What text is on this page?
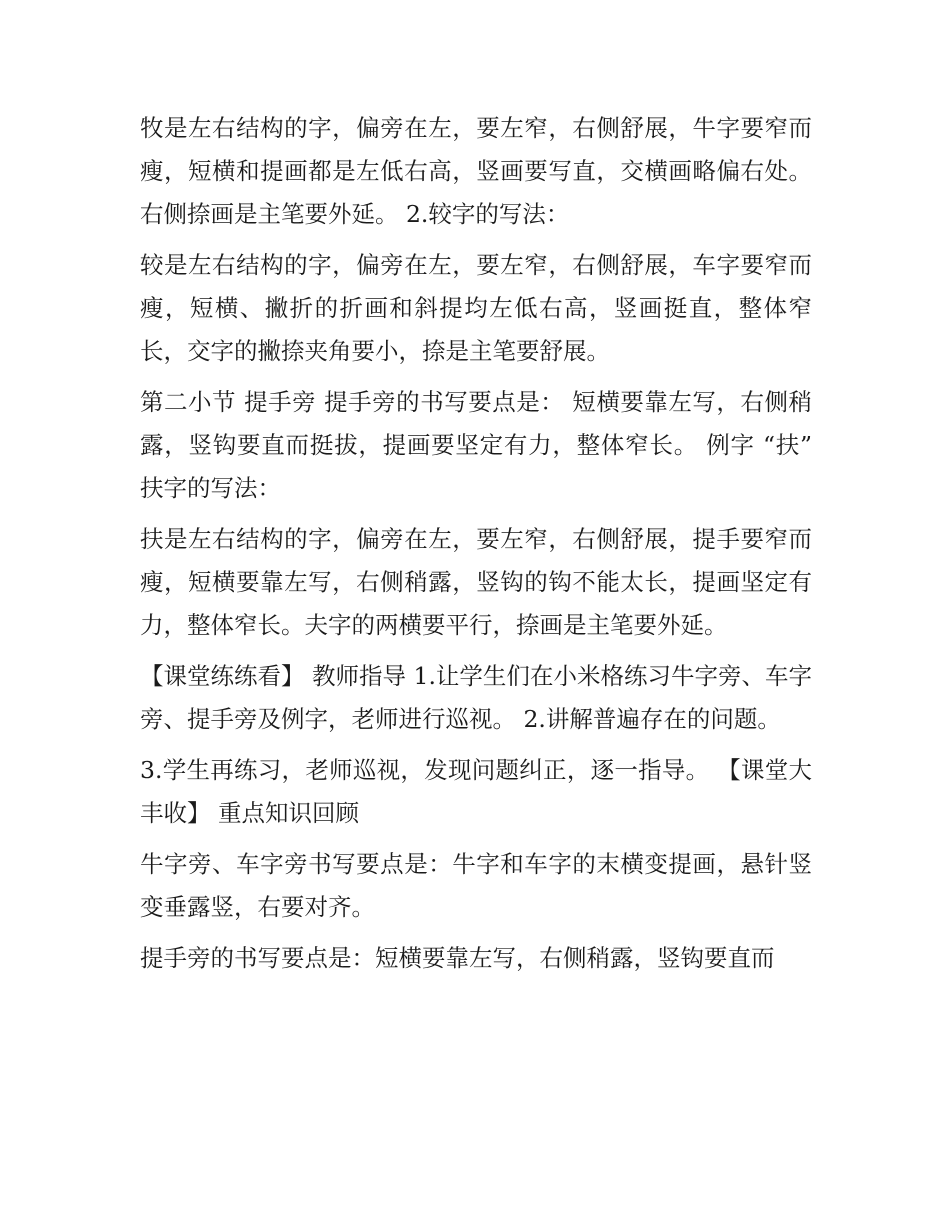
牧是左右结构的字，偏旁在左，要左窄，右侧舒展，牛字要窄而瘦，短横和提画都是左低右高，竖画要写直，交横画略偏右处。右侧捺画是主笔要外延。 2.较字的写法：

较是左右结构的字，偏旁在左，要左窄，右侧舒展，车字要窄而瘦，短横、撇折的折画和斜提均左低右高，竖画挺直，整体窄长，交字的撇捺夹角要小，捺是主笔要舒展。

第二小节 提手旁 提手旁的书写要点是： 短横要靠左写，右侧稍露，竖钩要直而挺拔，提画要坚定有力，整体窄长。 例字 “扶” 扶字的写法：

扶是左右结构的字，偏旁在左，要左窄，右侧舒展，提手要窄而瘦，短横要靠左写，右侧稍露，竖钩的钩不能太长，提画坚定有力，整体窄长。夫字的两横要平行，捺画是主笔要外延。

【课堂练练看】 教师指导 1.让学生们在小米格练习牛字旁、车字旁、提手旁及例字，老师进行巡视。 2.讲解普遍存在的问题。

3.学生再练习，老师巡视，发现问题纠正，逐一指导。 【课堂大丰收】 重点知识回顾

牛字旁、车字旁书写要点是：牛字和车字的末横变提画，悬针竖变垂露竖，右要对齐。

提手旁的书写要点是：短横要靠左写，右侧稍露，竖钩要直而
